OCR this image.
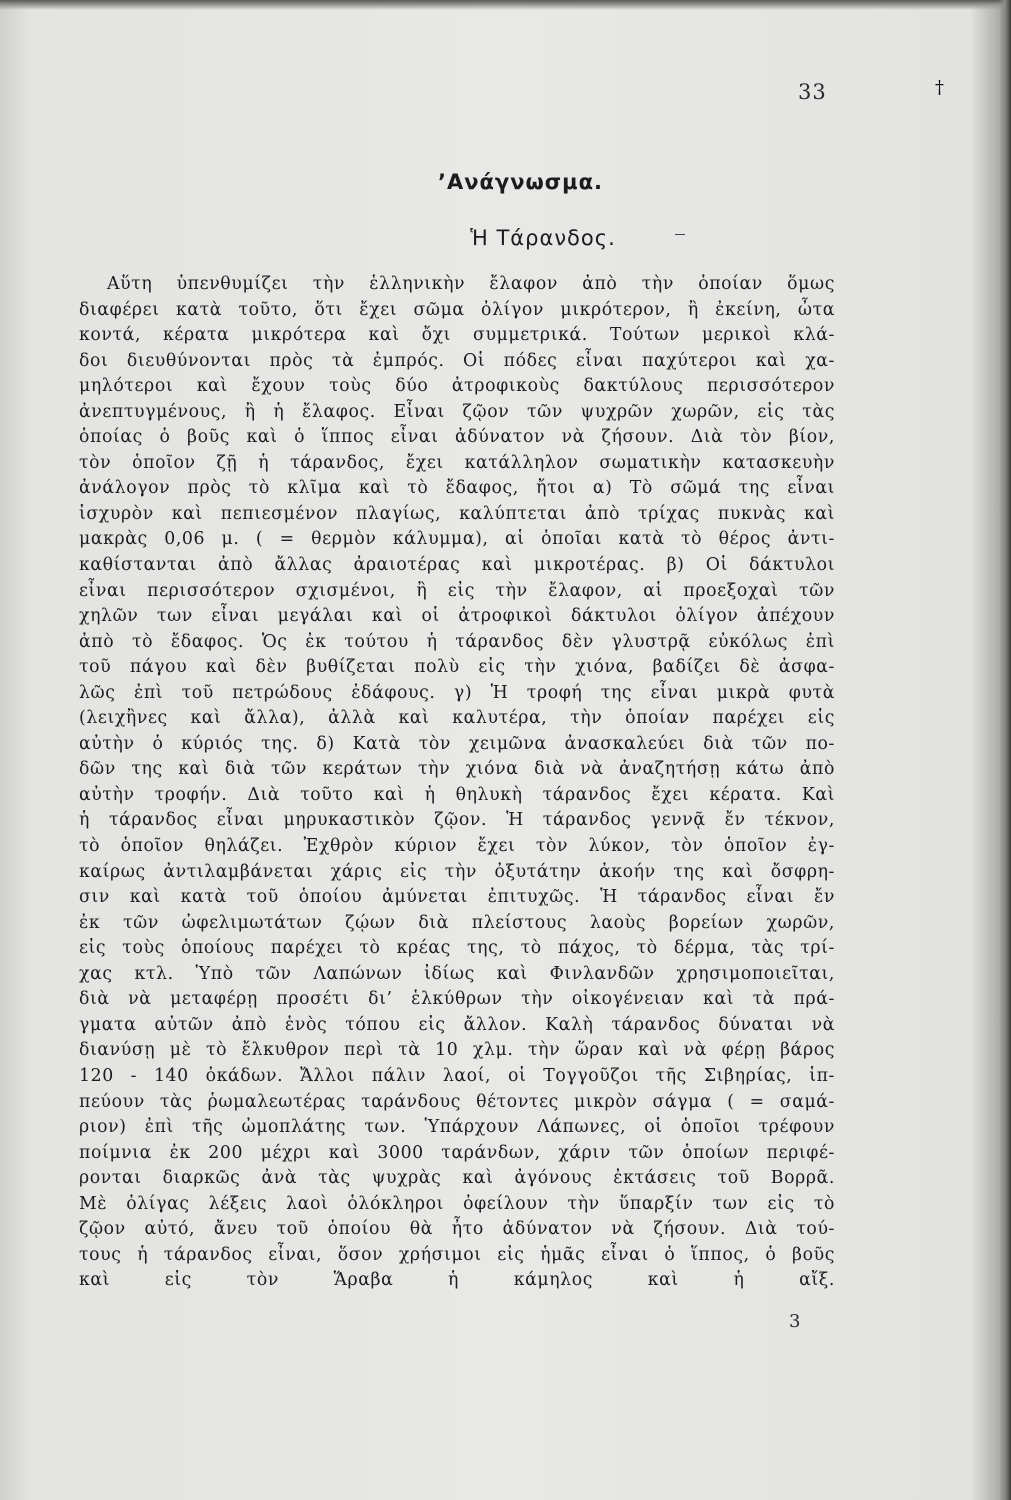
33	†
’Ανάγνωσμα.
Ἡ Τάρανδος.
Αὕτη ὑπενθυμίζει τὴν ἑλληνικὴν ἔλαφον ἀπὸ τὴν ὁποίαν ὅμως
διαφέρει κατὰ τοῦτο, ὅτι ἔχει σῶμα ὀλίγον μικρότερον, ἢ ἐκείνη, ὦτα
κοντά, κέρατα μικρότερα καὶ ὄχι συμμετρικά. Τούτων μερικοὶ κλά-
δοι διευθύνονται πρὸς τὰ ἐμπρός. Οἱ πόδες εἶναι παχύτεροι καὶ χα-
μηλότεροι καὶ ἔχουν τοὺς δύο ἀτροφικοὺς δακτύλους περισσότερον
ἀνεπτυγμένους, ἢ ἡ ἔλαφος. Εἶναι ζῷον τῶν ψυχρῶν χωρῶν, εἰς τὰς
ὁποίας ὁ βοῦς καὶ ὁ ἵππος εἶναι ἀδύνατον νὰ ζήσουν. Διὰ τὸν βίον,
τὸν ὁποῖον ζῇ ἡ τάρανδος, ἔχει κατάλληλον σωματικὴν κατασκευὴν
ἀνάλογον πρὸς τὸ κλῖμα καὶ τὸ ἔδαφος, ἤτοι α) Τὸ σῶμά της εἶναι
ἰσχυρὸν καὶ πεπιεσμένον πλαγίως, καλύπτεται ἀπὸ τρίχας πυκνὰς καὶ
μακρὰς 0,06 μ. ( = θερμὸν κάλυμμα), αἱ ὁποῖαι κατὰ τὸ θέρος ἀντι-
καθίστανται ἀπὸ ἄλλας ἀραιοτέρας καὶ μικροτέρας. β) Οἱ δάκτυλοι
εἶναι περισσότερον σχισμένοι, ἢ εἰς τὴν ἔλαφον, αἱ προεξοχαὶ τῶν
χηλῶν των εἶναι μεγάλαι καὶ οἱ ἀτροφικοὶ δάκτυλοι ὀλίγον ἀπέχουν
ἀπὸ τὸ ἔδαφος. Ὁς ἐκ τούτου ἡ τάρανδος δὲν γλυστρᾷ εὐκόλως ἐπὶ
τοῦ πάγου καὶ δὲν βυθίζεται πολὺ εἰς τὴν χιόνα, βαδίζει δὲ ἀσφα-
λῶς ἐπὶ τοῦ πετρώδους ἐδάφους. γ) Ἡ τροφή της εἶναι μικρὰ φυτὰ
(λειχἢνες καὶ ἄλλα), ἀλλὰ καὶ καλυτέρα, τὴν ὁποίαν παρέχει εἰς
αὐτὴν ὁ κύριός της. δ) Κατὰ τὸν χειμῶνα ἀνασκαλεύει διὰ τῶν πο-
δῶν της καὶ διὰ τῶν κεράτων τὴν χιόνα διὰ νὰ ἀναζητήσῃ κάτω ἀπὸ
αὐτὴν τροφήν. Διὰ τοῦτο καὶ ἡ θηλυκὴ τάρανδος ἔχει κέρατα. Καὶ
ἡ τάρανδος εἶναι μηρυκαστικὸν ζῷον. Ἡ τάρανδος γεννᾷ ἔν τέκνον,
τὸ ὁποῖον θηλάζει. Ἐχθρὸν κύριον ἔχει τὸν λύκον, τὸν ὁποῖον ἐγ-
καίρως ἀντιλαμβάνεται χάρις εἰς τὴν ὀξυτάτην ἀκοήν της καὶ ὄσφρη-
σιν καὶ κατὰ τοῦ ὁποίου ἀμύνεται ἐπιτυχῶς. Ἡ τάρανδος εἶναι ἔν
ἐκ τῶν ὠφελιμωτάτων ζῴων διὰ πλείστους λαοὺς βορείων χωρῶν,
εἰς τοὺς ὁποίους παρέχει τὸ κρέας της, τὸ πάχος, τὸ δέρμα, τὰς τρί-
χας κτλ. Ὑπὸ τῶν Λαπώνων ἰδίως καὶ Φινλανδῶν χρησιμοποιεῖται,
διὰ νὰ μεταφέρῃ προσέτι δι’ ἑλκύθρων τὴν οἰκογένειαν καὶ τὰ πρά-
γματα αὐτῶν ἀπὸ ἑνὸς τόπου εἰς ἄλλον. Καλὴ τάρανδος δύναται νὰ
διανύσῃ μὲ τὸ ἔλκυθρον περὶ τὰ 10 χλμ. τὴν ὥραν καὶ νὰ φέρῃ βάρος
120 - 140 ὀκάδων. Ἄλλοι πάλιν λαοί, οἱ Τογγοῦζοι τῆς Σιβηρίας, ἱπ-
πεύουν τὰς ῥωμαλεωτέρας ταράνδους θέτοντες μικρὸν σάγμα ( = σαμά-
ριον) ἐπὶ τῆς ὠμοπλάτης των. Ὑπάρχουν Λάπωνες, οἱ ὁποῖοι τρέφουν
ποίμνια ἐκ 200 μέχρι καὶ 3000 ταράνδων, χάριν τῶν ὁποίων περιφέ-
ρονται διαρκῶς ἀνὰ τὰς ψυχρὰς καὶ ἀγόνους ἐκτάσεις τοῦ Βορρᾶ.
Μὲ ὀλίγας λέξεις λαοὶ ὁλόκληροι ὀφείλουν τὴν ὕπαρξίν των εἰς τὸ
ζῷον αὐτό, ἄνευ τοῦ ὁποίου θὰ ἦτο ἀδύνατον νὰ ζήσουν. Διὰ τού-
τους ἡ τάρανδος εἶναι, ὅσον χρήσιμοι εἰς ἡμᾶς εἶναι ὁ ἵππος, ὁ βοῦς
καὶ εἰς τὸν Ἅραβα ἡ κάμηλος καὶ ἡ αἴξ.
3
